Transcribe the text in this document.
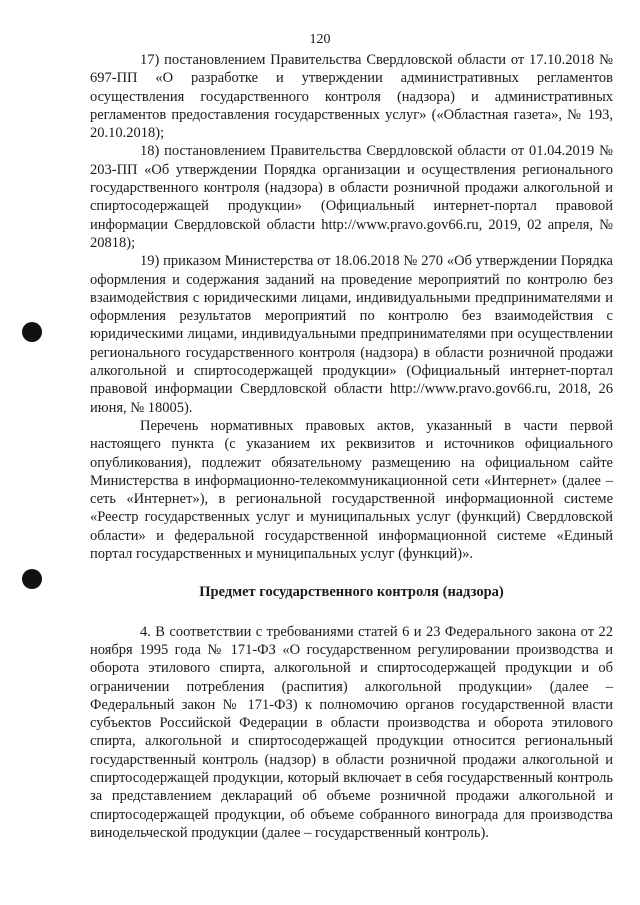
120

17) постановлением Правительства Свердловской области от 17.10.2018 № 697-ПП «О разработке и утверждении административных регламентов осуществления государственного контроля (надзора) и административных регламентов предоставления государственных услуг» («Областная газета», № 193, 20.10.2018);

18) постановлением Правительства Свердловской области от 01.04.2019 № 203-ПП «Об утверждении Порядка организации и осуществления регионального государственного контроля (надзора) в области розничной продажи алкогольной и спиртосодержащей продукции» (Официальный интернет-портал правовой информации Свердловской области http://www.pravo.gov66.ru, 2019, 02 апреля, № 20818);

19) приказом Министерства от 18.06.2018 № 270 «Об утверждении Порядка оформления и содержания заданий на проведение мероприятий по контролю без взаимодействия с юридическими лицами, индивидуальными предпринимателями и оформления результатов мероприятий по контролю без взаимодействия с юридическими лицами, индивидуальными предпринимателями при осуществлении регионального государственного контроля (надзора) в области розничной продажи алкогольной и спиртосодержащей продукции» (Официальный интернет-портал правовой информации Свердловской области http://www.pravo.gov66.ru, 2018, 26 июня, № 18005).

Перечень нормативных правовых актов, указанный в части первой настоящего пункта (с указанием их реквизитов и источников официального опубликования), подлежит обязательному размещению на официальном сайте Министерства в информационно-телекоммуникационной сети «Интернет» (далее – сеть «Интернет»), в региональной государственной информационной системе «Реестр государственных услуг и муниципальных услуг (функций) Свердловской области» и федеральной государственной информационной системе «Единый портал государственных и муниципальных услуг (функций)».

Предмет государственного контроля (надзора)

4. В соответствии с требованиями статей 6 и 23 Федерального закона от 22 ноября 1995 года № 171-ФЗ «О государственном регулировании производства и оборота этилового спирта, алкогольной и спиртосодержащей продукции и об ограничении потребления (распития) алкогольной продукции» (далее – Федеральный закон № 171-ФЗ) к полномочию органов государственной власти субъектов Российской Федерации в области производства и оборота этилового спирта, алкогольной и спиртосодержащей продукции относится региональный государственный контроль (надзор) в области розничной продажи алкогольной и спиртосодержащей продукции, который включает в себя государственный контроль за представлением деклараций об объеме розничной продажи алкогольной и спиртосодержащей продукции, об объеме собранного винограда для производства винодельческой продукции (далее – государственный контроль).
